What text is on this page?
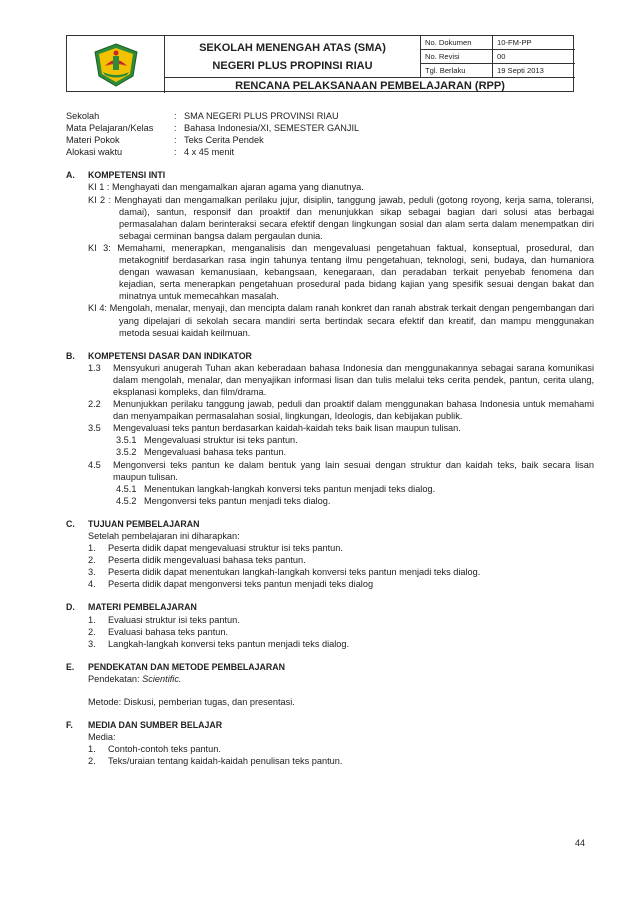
SEKOLAH MENENGAH ATAS (SMA)
NEGERI PLUS PROPINSI RIAU
No. Dokumen	10-FM-PP
No. Revisi	00
Tgl. Berlaku	19 Septi 2013
RENCANA PELAKSANAAN PEMBELAJARAN (RPP)
Sekolah	: SMA NEGERI PLUS PROVINSI RIAU
Mata Pelajaran/Kelas	: Bahasa Indonesia/XI, SEMESTER GANJIL
Materi Pokok	: Teks Cerita Pendek
Alokasi waktu	: 4 x 45 menit
A.	KOMPETENSI INTI
KI 1 : Menghayati dan mengamalkan ajaran agama yang dianutnya.
KI 2 : Menghayati dan mengamalkan perilaku jujur, disiplin, tanggung jawab, peduli (gotong royong, kerja sama, toleransi, damai), santun, responsif dan proaktif dan menunjukkan sikap sebagai bagian dari solusi atas berbagai permasalahan dalam berinteraksi secara efektif dengan lingkungan sosial dan alam serta dalam menempatkan diri sebagai cerminan bangsa dalam pergaulan dunia.
KI 3: Memahami, menerapkan, menganalisis dan mengevaluasi pengetahuan faktual, konseptual, prosedural, dan metakognitif berdasarkan rasa ingin tahunya tentang ilmu pengetahuan, teknologi, seni, budaya, dan humaniora dengan wawasan kemanusiaan, kebangsaan, kenegaraan, dan peradaban terkait penyebab fenomena dan kejadian, serta menerapkan pengetahuan prosedural pada bidang kajian yang spesifik sesuai dengan bakat dan minatnya untuk memecahkan masalah.
KI 4: Mengolah, menalar, menyaji, dan mencipta dalam ranah konkret dan ranah abstrak terkait dengan pengembangan dari yang dipelajari di sekolah secara mandiri serta bertindak secara efektif dan kreatif, dan mampu menggunakan metoda sesuai kaidah keilmuan.
B.	KOMPETENSI DASAR DAN INDIKATOR
1.3	Mensyukuri anugerah Tuhan akan keberadaan bahasa Indonesia dan menggunakannya sebagai sarana komunikasi dalam mengolah, menalar, dan menyajikan informasi lisan dan tulis melalui teks cerita pendek, pantun, cerita ulang, eksplanasi kompleks, dan film/drama.
2.2	Menunjukkan perilaku tanggung jawab, peduli dan proaktif dalam menggunakan bahasa Indonesia untuk memahami dan menyampaikan permasalahan sosial, lingkungan, Ideologis, dan kebijakan publik.
3.5	Mengevaluasi teks pantun berdasarkan kaidah-kaidah teks baik lisan maupun tulisan.
3.5.1 Mengevaluasi struktur isi teks pantun.
3.5.2 Mengevaluasi bahasa teks pantun.
4.5	Mengonversi teks pantun ke dalam bentuk yang lain sesuai dengan struktur dan kaidah teks, baik secara lisan maupun tulisan.
4.5.1 Menentukan langkah-langkah konversi teks pantun menjadi teks dialog.
4.5.2 Mengonversi teks pantun menjadi teks dialog.
C.	TUJUAN PEMBELAJARAN
Setelah pembelajaran ini diharapkan:
1.	Peserta didik dapat mengevaluasi struktur isi teks pantun.
2.	Peserta didik mengevaluasi bahasa teks pantun.
3.	Peserta didik dapat menentukan langkah-langkah konversi teks pantun menjadi teks dialog.
4.	Peserta didik dapat mengonversi teks pantun menjadi teks dialog
D.	MATERI PEMBELAJARAN
1.	Evaluasi struktur isi teks pantun.
2.	Evaluasi bahasa teks pantun.
3.	Langkah-langkah konversi teks pantun menjadi teks dialog.
E.	PENDEKATAN DAN METODE PEMBELAJARAN
Pendekatan: Scientific.
Metode: Diskusi, pemberian tugas, dan presentasi.
F.	MEDIA DAN SUMBER BELAJAR
Media:
1.	Contoh-contoh teks pantun.
2.	Teks/uraian tentang kaidah-kaidah penulisan teks pantun.
44
